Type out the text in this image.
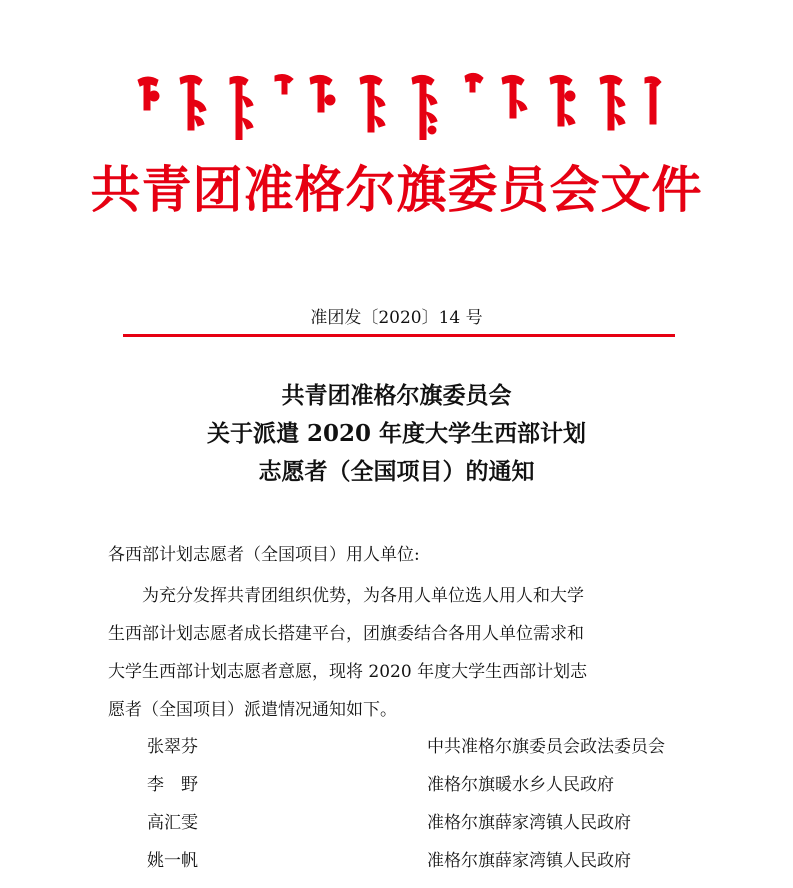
共青团准格尔旗委员会文件
准团发〔2020〕14 号
共青团准格尔旗委员会
关于派遣 2020 年度大学生西部计划
志愿者（全国项目）的通知
各西部计划志愿者（全国项目）用人单位:
　　为充分发挥共青团组织优势，为各用人单位选人用人和大学
生西部计划志愿者成长搭建平台，团旗委结合各用人单位需求和
大学生西部计划志愿者意愿，现将 2020 年度大学生西部计划志
愿者（全国项目）派遣情况通知如下。
张翠芬	中共准格尔旗委员会政法委员会
李　野	准格尔旗暖水乡人民政府
高汇雯	准格尔旗薛家湾镇人民政府
姚一帆	准格尔旗薛家湾镇人民政府
